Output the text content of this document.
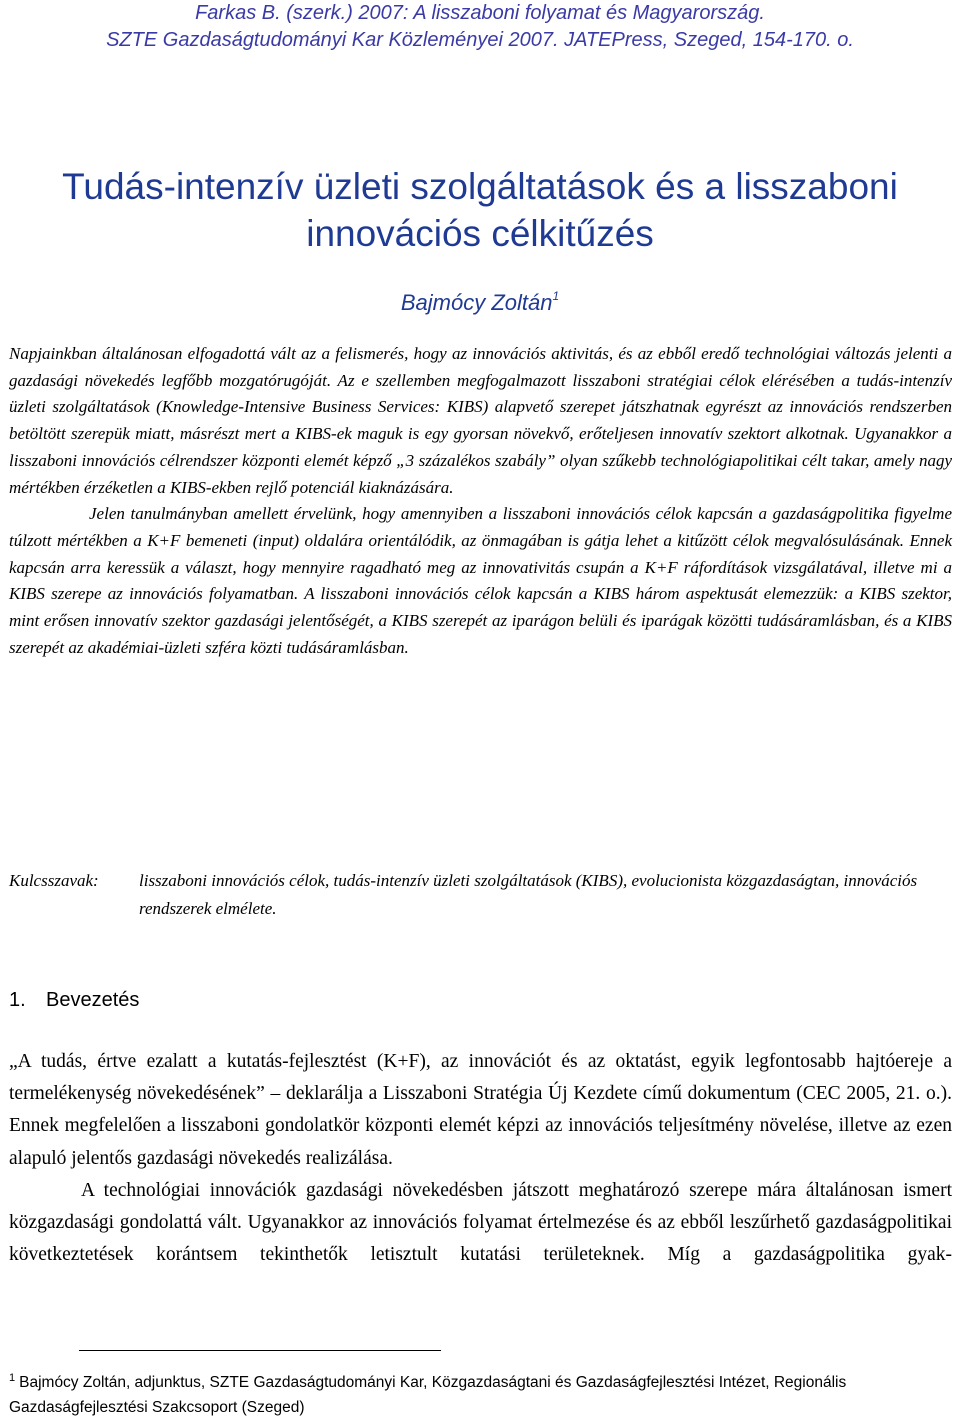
Farkas B. (szerk.) 2007: A lisszaboni folyamat és Magyarország.
SZTE Gazdaságtudományi Kar Közleményei 2007. JATEPress, Szeged, 154-170. o.
Tudás-intenzív üzleti szolgáltatások és a lisszaboni
innovációs célkitűzés
Bajmócy Zoltán$^1$

Napjainkban általánosan elfogadottá vált az a felismerés, hogy az innovációs aktivitás, és az ebből eredő technológiai változás jelenti a gazdasági növekedés legfőbb mozgatórugóját. Az e szellemben megfogalmazott lisszaboni stratégiai célok elérésében a tudás-intenzív üzleti szolgáltatások (Knowledge-Intensive Business Services: KIBS) alapvető szerepet játszhatnak egyrészt az innovációs rendszerben betöltött szerepük miatt, másrészt mert a KIBS-ek maguk is egy gyorsan növekvő, erőteljesen innovatív szektort alkotnak. Ugyanakkor a lisszaboni innovációs célrendszer központi elemét képző „3 százalékos szabály” olyan szűkebb technológiapolitikai célt takar, amely nagy mértékben érzéketlen a KIBS-ekben rejlő potenciál kiaknázására.

Jelen tanulmányban amellett érvelünk, hogy amennyiben a lisszaboni innovációs célok kapcsán a gazdaságpolitika figyelme túlzott mértékben a K+F bemeneti (input) oldalára orientálódik, az önmagában is gátja lehet a kitűzött célok megvalósulásának. Ennek kapcsán arra keressük a választ, hogy mennyire ragadható meg az innovativitás csupán a K+F ráfordítások vizsgálatával, illetve mi a KIBS szerepe az innovációs folyamatban. A lisszaboni innovációs célok kapcsán a KIBS három aspektusát elemezzük: a KIBS szektor, mint erősen innovatív szektor gazdasági jelentőségét, a KIBS szerepét az iparágon belüli és iparágak közötti tudásáramlásban, és a KIBS szerepét az akadémiai-üzleti szféra közti tudásáramlásban.

Kulcsszavak:	lisszaboni innovációs célok, tudás-intenzív üzleti szolgáltatások (KIBS), evolucionista közgazdaságtan, innovációs rendszerek elmélete.
1. Bevezetés

„A tudás, értve ezalatt a kutatás-fejlesztést (K+F), az innovációt és az oktatást, egyik legfontosabb hajtóereje a termelékenység növekedésének” – deklarálja a Lisszaboni Stratégia Új Kezdete című dokumentum (CEC 2005, 21. o.). Ennek megfelelően a lisszaboni gondolatkör központi elemét képzi az innovációs teljesítmény növelése, illetve az ezen alapuló jelentős gazdasági növekedés realizálása.

A technológiai innovációk gazdasági növekedésben játszott meghatározó szerepe mára általánosan ismert közgazdasági gondolattá vált. Ugyanakkor az innovációs folyamat értelmezése és az ebből leszűrhető gazdaságpolitikai következtetések korántsem tekinthetők letisztult kutatási területeknek. Míg a gazdaságpolitika gyak-

$^1$ Bajmócy Zoltán, adjunktus, SZTE Gazdaságtudományi Kar, Közgazdaságtani és Gazdaságfejlesztési Intézet, Regionális Gazdaságfejlesztési Szakcsoport (Szeged)
